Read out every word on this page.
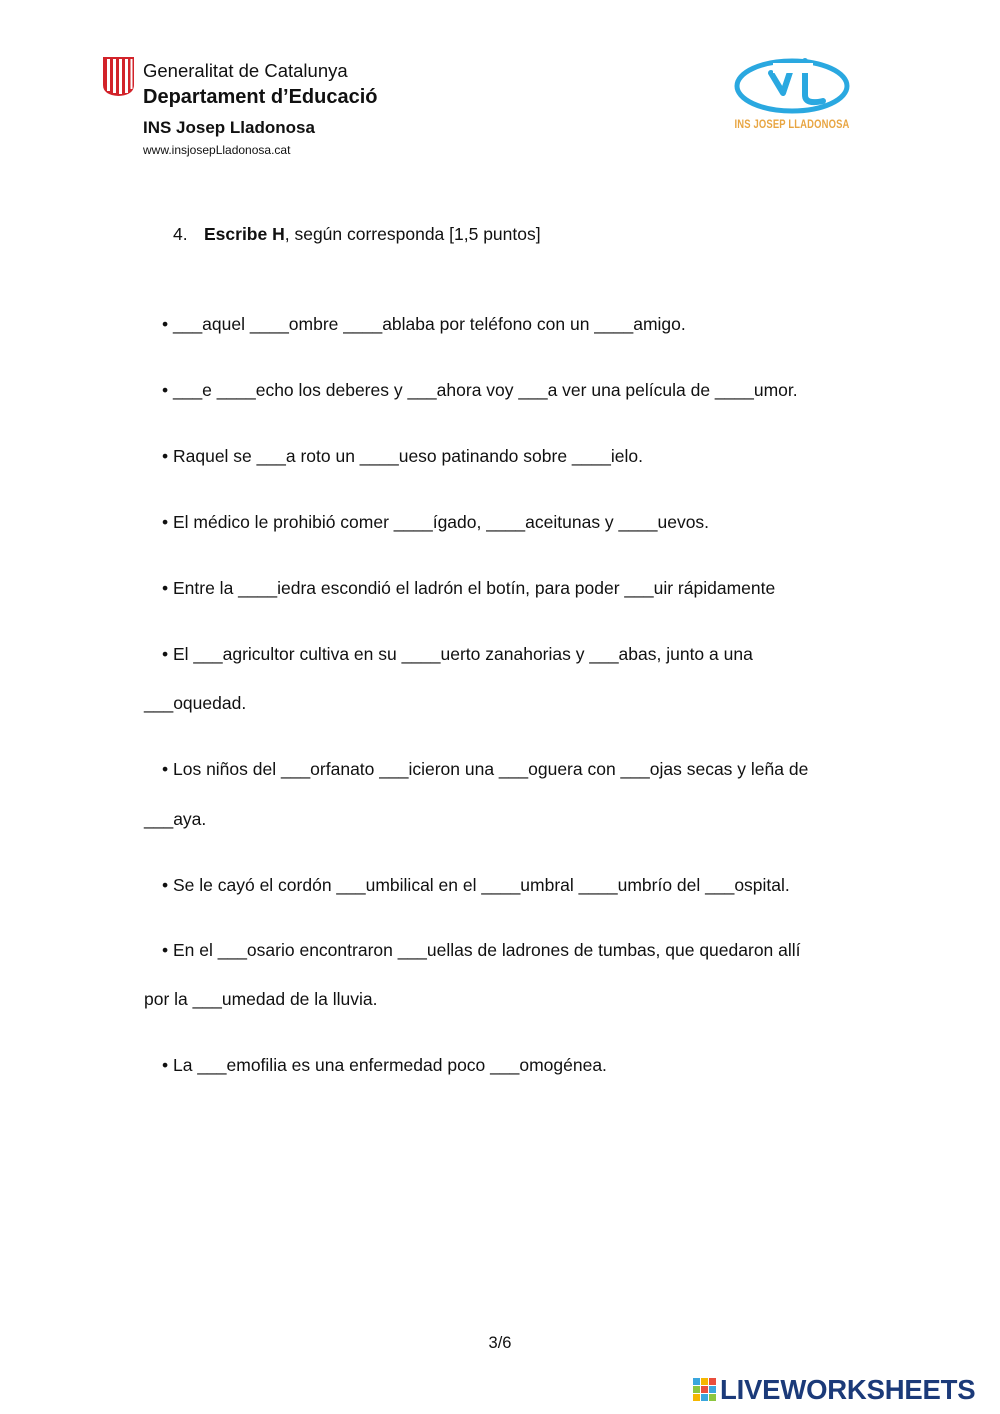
Generalitat de Catalunya

Departament d’Educació

INS Josep Lladonosa

www.insjosepLladonosa.cat

INS JOSEP LLADONOSA

4. Escribe H, según corresponda [1,5 puntos]

• ___aquel ____ombre ____ablaba por teléfono con un ____amigo.

• ___e ____echo los deberes y ___ahora voy ___a ver una película de ____umor.

• Raquel se ___a roto un ____ueso patinando sobre ____ielo.

• El médico le prohibió comer ____ígado, ____aceitunas y ____uevos.

• Entre la ____iedra escondió el ladrón el botín, para poder ___uir rápidamente

• El ___agricultor cultiva en su ____uerto zanahorias y ___abas, junto a una

___oquedad.

• Los niños del ___orfanato ___icieron una ___oguera con ___ojas secas y leña de

___aya.

• Se le cayó el cordón ___umbilical en el ____umbral ____umbrío del ___ospital.

• En el ___osario encontraron ___uellas de ladrones de tumbas, que quedaron allí

por la ___umedad de la lluvia.

• La ___emofilia es una enfermedad poco ___omogénea.

3/6
LIVEWORKSHEETS
